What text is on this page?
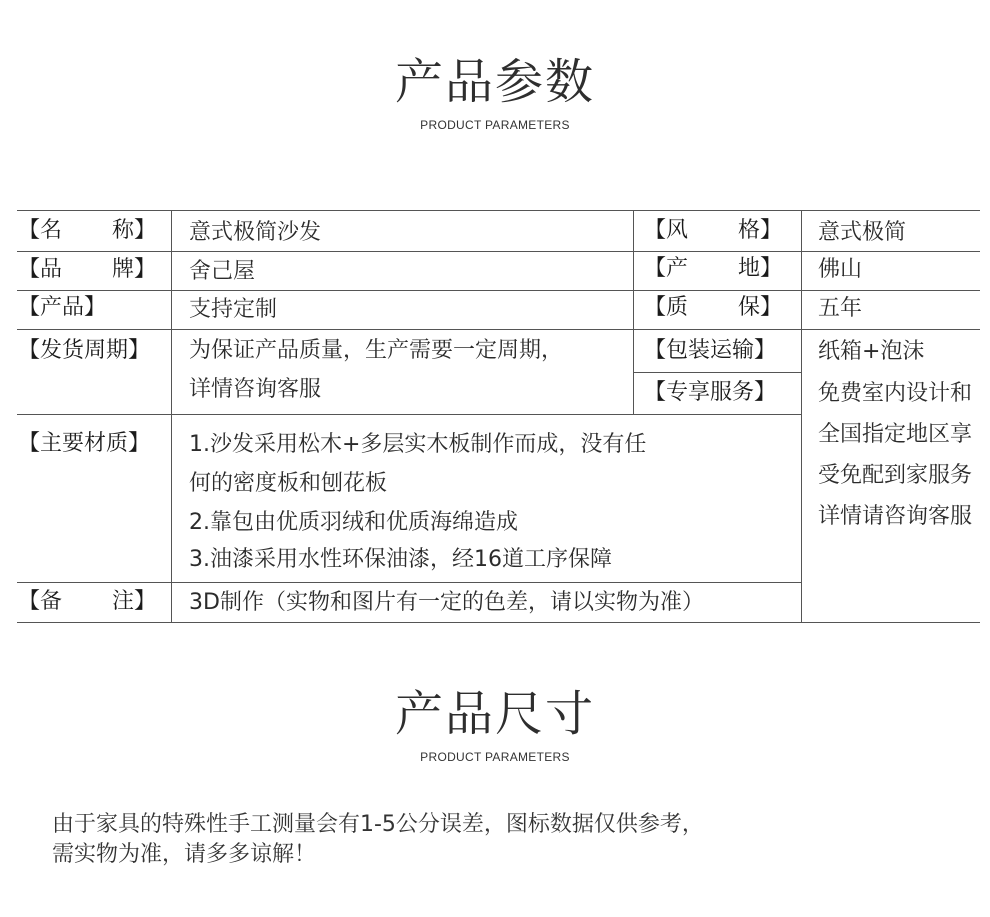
产品参数
PRODUCT PARAMETERS
【名 称】 意式极简沙发	【风 格】 意式极简
【品 牌】 舍己屋	【产 地】 佛山
【产品】	支持定制	【质 保】 五年
【发货周期】 为保证产品质量，生产需要一定周期，
详情咨询客服
【包装运输】 纸箱+泡沫
【专享服务】 免费室内设计和
全国指定地区享
受免配到家服务
详情请咨询客服
【主要材质】 1.沙发采用松木+多层实木板制作而成，没有任
何的密度板和刨花板
2.靠包由优质羽绒和优质海绵造成
3.油漆采用水性环保油漆，经16道工序保障
【备 注】 3D制作（实物和图片有一定的色差，请以实物为准）
产品尺寸
PRODUCT PARAMETERS
由于家具的特殊性手工测量会有1-5公分误差，图标数据仅供参考，
需实物为准，请多多谅解！
